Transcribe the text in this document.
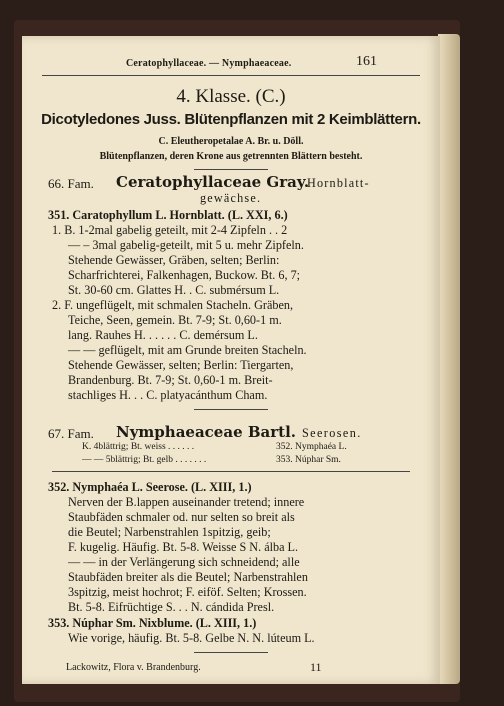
Ceratophyllaceae. — Nymphaeaceae.	161
4. Klasse. (C.)
Dicotyledones Juss. Blütenpflanzen mit 2 Keimblättern.
C. Eleutheropetalae A. Br. u. Döll.
Blütenpflanzen, deren Krone aus getrennten Blättern besteht.
66. Fam. Ceratophyllaceae Gray.
Hornblatt-
gewächse.
351. Caratophyllum L. Hornblatt. (L. XXI, 6.)
1. B. 1-2mal gabelig geteilt, mit 2-4 Zipfeln . . 2
— – 3mal gabelig-geteilt, mit 5 u. mehr Zipfeln.
Stehende Gewässer, Gräben, selten; Berlin:
Scharfrichterei, Falkenhagen, Buckow. Bt. 6, 7;
St. 30-60 cm. Glattes H. . C. submérsum L.
2. F. ungeflügelt, mit schmalen Stacheln. Gräben,
Teiche, Seen, gemein. Bt. 7-9; St. 0,60-1 m.
lang. Rauhes H. . . . . . C. demérsum L.
— — geflügelt, mit am Grunde breiten Stacheln.
Stehende Gewässer, selten; Berlin: Tiergarten,
Brandenburg. Bt. 7-9; St. 0,60-1 m. Breit-
stachliges H. . . C. platyacánthum Cham.
67. Fam. Nymphaeaceae Bartl. Seerosen.
K. 4blättrig; Bt. weiss . . . . . .	352. Nymphaéa L.
— — 5blättrig; Bt. gelb . . . . . . .	353. Núphar Sm.
352. Nymphaéa L. Seerose. (L. XIII, 1.)
Nerven der B.lappen auseinander tretend; innere
Staubfäden schmaler od. nur selten so breit als
die Beutel; Narbenstrahlen 1spitzig, geib;
F. kugelig. Häufig. Bt. 5-8. Weisse S N. álba L.
— — in der Verlängerung sich schneidend; alle
Staubfäden breiter als die Beutel; Narbenstrahlen
3spitzig, meist hochrot; F. eiföf. Selten; Krossen.
Bt. 5-8. Eifrüchtige S. . . N. cándida Presl.
353. Núphar Sm. Nixblume. (L. XIII, 1.)
Wie vorige, häufig. Bt. 5-8. Gelbe N. N. lúteum L.
Lackowitz, Flora v. Brandenburg.	11
